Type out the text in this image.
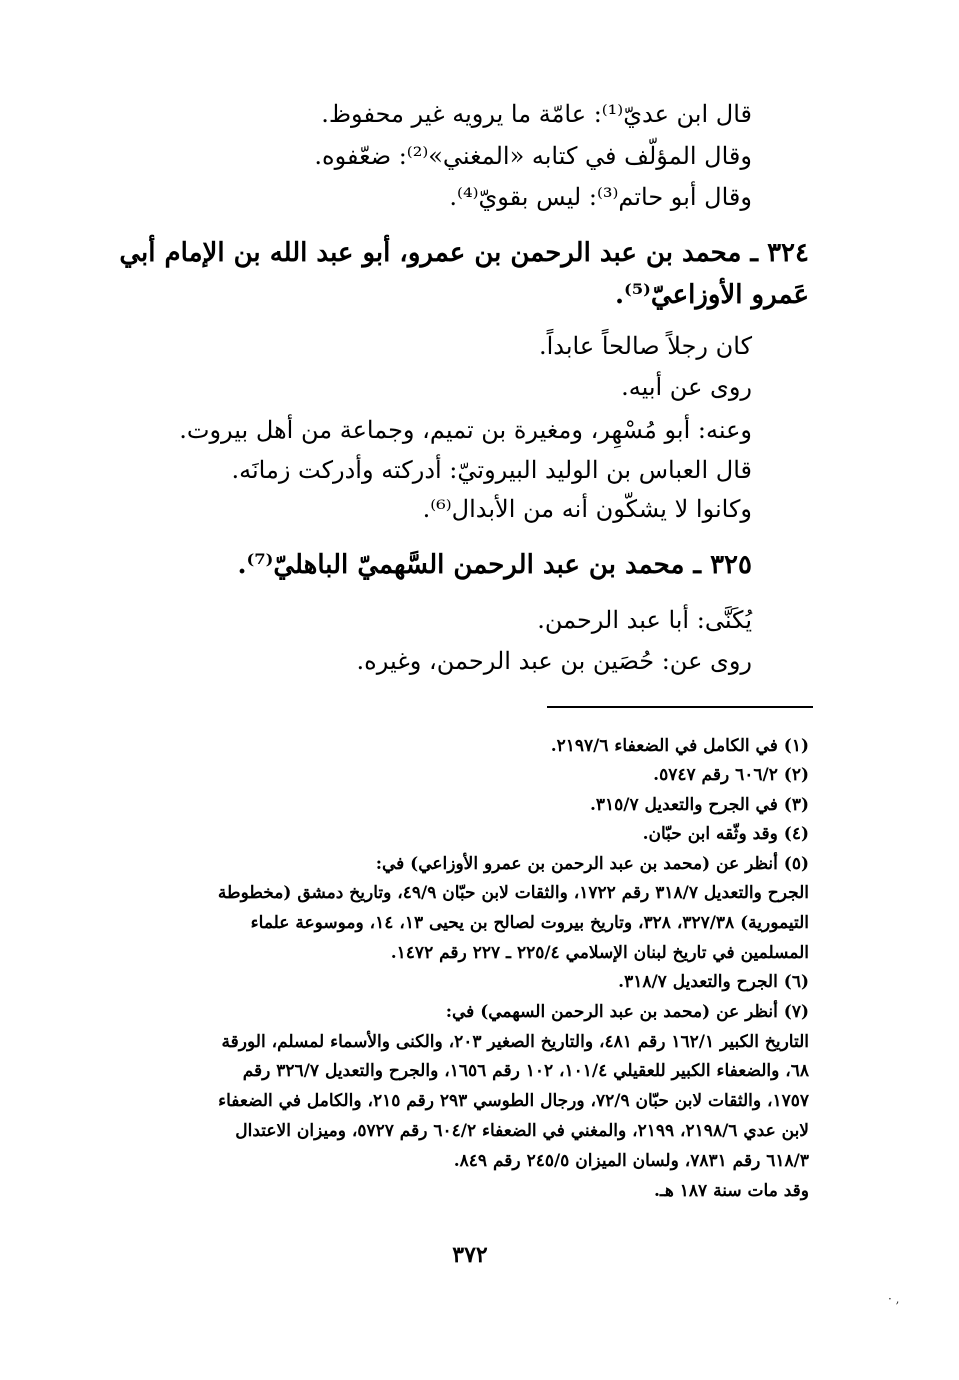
قال ابن عديّ⁽¹⁾: عامّة ما يرويه غير محفوظ.
وقال المؤلّف في كتابه «المغني»⁽²⁾: ضعّفوه.
وقال أبو حاتم⁽³⁾: ليس بقويّ⁽⁴⁾.
٣٢٤ ـ محمد بن عبد الرحمن بن عمرو، أبو عبد الله بن الإمام أبي
عَمرو الأوزاعيّ⁽⁵⁾.
كان رجلاً صالحاً عابداً.
روى عن أبيه.
وعنه: أبو مُسْهِر، ومغيرة بن تميم، وجماعة من أهل بيروت.
قال العباس بن الوليد البيروتيّ: أدركته وأدركت زمانَه.
وكانوا لا يشكّون أنه من الأبدال⁽⁶⁾.
٣٢٥ ـ محمد بن عبد الرحمن السَّهميّ الباهليّ⁽⁷⁾.
يُكَنَّى: أبا عبد الرحمن.
روى عن: حُصَين بن عبد الرحمن، وغيره.
(١) في الكامل في الضعفاء ٢١٩٧/٦.
(٢) ٦٠٦/٢ رقم ٥٧٤٧.
(٣) في الجرح والتعديل ٣١٥/٧.
(٤) وقد وثّقه ابن حبّان.
(٥) أنظر عن (محمد بن عبد الرحمن بن عمرو الأوزاعي) في:
الجرح والتعديل ٣١٨/٧ رقم ١٧٢٢، والثقات لابن حبّان ٤٩/٩، وتاريخ دمشق (مخطوطة
التيمورية) ٣٢٧/٣٨، ٣٢٨، وتاريخ بيروت لصالح بن يحيى ١٣، ١٤، وموسوعة علماء
المسلمين في تاريخ لبنان الإسلامي ٢٢٥/٤ ـ ٢٢٧ رقم ١٤٧٢.
(٦) الجرح والتعديل ٣١٨/٧.
(٧) أنظر عن (محمد بن عبد الرحمن السهمي) في:
التاريخ الكبير ١٦٢/١ رقم ٤٨١، والتاريخ الصغير ٢٠٣، والكنى والأسماء لمسلم، الورقة
٦٨، والضعفاء الكبير للعقيلي ١٠١/٤، ١٠٢ رقم ١٦٥٦، والجرح والتعديل ٣٢٦/٧ رقم
١٧٥٧، والثقات لابن حبّان ٧٢/٩، ورجال الطوسي ٢٩٣ رقم ٢١٥، والكامل في الضعفاء
لابن عدي ٢١٩٨/٦، ٢١٩٩، والمغني في الضعفاء ٦٠٤/٢ رقم ٥٧٢٧، وميزان الاعتدال
٦١٨/٣ رقم ٧٨٣١، ولسان الميزان ٢٤٥/٥ رقم ٨٤٩.
وقد مات سنة ١٨٧ هـ.
٣٧٢
· ,
